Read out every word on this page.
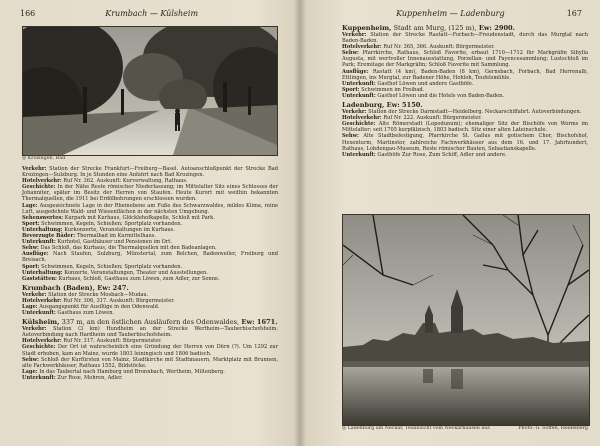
166	Krumbach — Külsheim
◎ Krozingen, Bad

Verkehr: Station der Strecke Frankfurt—Freiburg—Basel. Autoanschlußpunkt der Strecke Bad Krozingen—Sulzburg. In je Stunden eine Anfahrt nach Bad Krozingen.

Hotelverkehr: Ruf Nr. 362. Auskunft: Kurverwaltung, Rathaus.

Geschichte: In der Nähe Reste römischer Niederlassung; im Mittelalter Sitz eines Schlosses der Johanniter, später im Besitz der Herren von Staufen. Heute Kurort mit weithin bekannten Thermalquellen, die 1911 bei Erdölbohrungen erschlossen wurden.

Lage: Ausgezeichnete Lage in der Rheinebene am Fuße des Schwarzwaldes, mildes Klima, reine Luft, ausgedehnte Wald- und Wiesenflächen in der nächsten Umgebung.

Sehenswertes: Kurpark mit Kurhaus, Glöcklehofkapelle, Schloß mit Park.

Sport: Schwimmen, Kegeln, Schießen; Sportplatz vorhanden.

Unterhaltung: Kurkonzerte, Veranstaltungen im Kurhaus.

Bevorzugte Bäder: Thermalbad im Kurmittelhaus.

Unterkunft: Kurhotel, Gasthäuser und Pensionen im Ort.

Sehw: Das Schloß, das Kurhaus, die Thermalquellen mit den Badeanlagen.

Ausflüge: Nach Staufen, Sulzburg, Münstertal, zum Belchen, Badenweiler, Freiburg und Breisach.

Sport: Schwimmen, Kegeln, Schießen; Sportplatz vorhanden.

Unterhaltung: Konzerte, Veranstaltungen, Theater und Ausstellungen.

Gaststätten: Kurhaus, Schloß, Gasthaus zum Löwen, zum Adler, zur Sonne.

Krumbach (Baden), Ew: 247.

Verkehr: Station der Strecke Mosbach—Mudau.

Hotelverkehr: Ruf Nr. 306, 317. Auskunft: Bürgermeister.

Lage: Ausgangspunkt für Ausflüge in den Odenwald.

Unterkunft: Gasthaus zum Löwen.

Külsheim, 337 m, an den östlichen Ausläufern des Odenwaldes, Ew: 1671.

Verkehr: Station (3 km) Hundheim an der Strecke Wertheim—Tauberbischofsheim. Autoverbindung nach Hardheim und Tauberbischofsheim.

Hotelverkehr: Ruf Nr. 317. Auskunft: Bürgermeister.

Geschichte: Der Ort ist wahrscheinlich eine Gründung der Herren von Dürn (?). Um 1292 zur Stadt erhoben, kam an Mainz, wurde 1803 leiningisch und 1806 badisch.

Sehw: Schloß der Kurfürsten von Mainz, Stadtkirche mit Stadtmauern, Marktplatz mit Brunnen, alte Fachwerkhäuser, Rathaus 1552, Bildstöcke.

Lage: In das Taubertal nach Hamburg und Bronnbach, Wertheim, Miltenberg.

Unterkunft: Zur Rose, Mohren, Adler.

Kuppenheim — Ladenburg	167

Kuppenheim, Stadt am Murg, (125 m), Ew: 2900.

Verkehr: Station der Strecke Rastatt—Forbach—Freudenstadt, durch das Murgtal nach Baden-Baden.

Hotelverkehr: Ruf Nr. 365, 366. Auskunft: Bürgermeister.

Sehw: Pfarrkirche, Rathaus, Schloß Favorite, erbaut 1710—1712 für Markgräfin Sibylla Augusta, mit wertvoller Innenausstattung, Porzellan- und Fayencesammlung; Lustschloß im Park; Eremitage der Markgräfin; Schloß Favorite mit Sammlung.

Ausflüge: Rastatt (4 km), Baden-Baden (8 km), Gernsbach, Forbach, Bad Herrenalb, Ettlingen, ins Murgtal, zur Badener Höhe, Hohloh, Teufelsmühle.

Unterkunft: Gasthof Löwen und andere Gasthöfe.

Sport: Schwimmen im Freibad.

Unterkunft: Gasthof Löwen und die Hotels von Baden-Baden.

Ladenburg, Ew: 5150.

Verkehr: Station der Strecke Darmstadt—Heidelberg. Neckarschiffahrt. Autoverbindungen.

Hotelverkehr: Ruf Nr. 222. Auskunft: Bürgermeister.

Geschichte: Alte Römerstadt (Lopodunum); ehemaliger Sitz der Bischöfe von Worms im Mittelalter; seit 1705 kurpfälzisch, 1803 badisch. Sitz einer alten Lateinschule.

Sehw: Alte Stadtbefestigung, Pfarrkirche St. Gallus mit gotischem Chor, Bischofshof, Hexenturm, Martinstor, zahlreiche Fachwerkhäuser aus dem 16. und 17. Jahrhundert, Rathaus, Lobdengau-Museum, Reste römischer Bauten, Sebastianskapelle.

Unterkunft: Gasthöfe Zur Rose, Zum Schiff, Adler und andere.

◎ Ladenburg am Neckar, Teilansicht vom Neckarhausen aus	Photo: G. Söffen, Heidelberg
